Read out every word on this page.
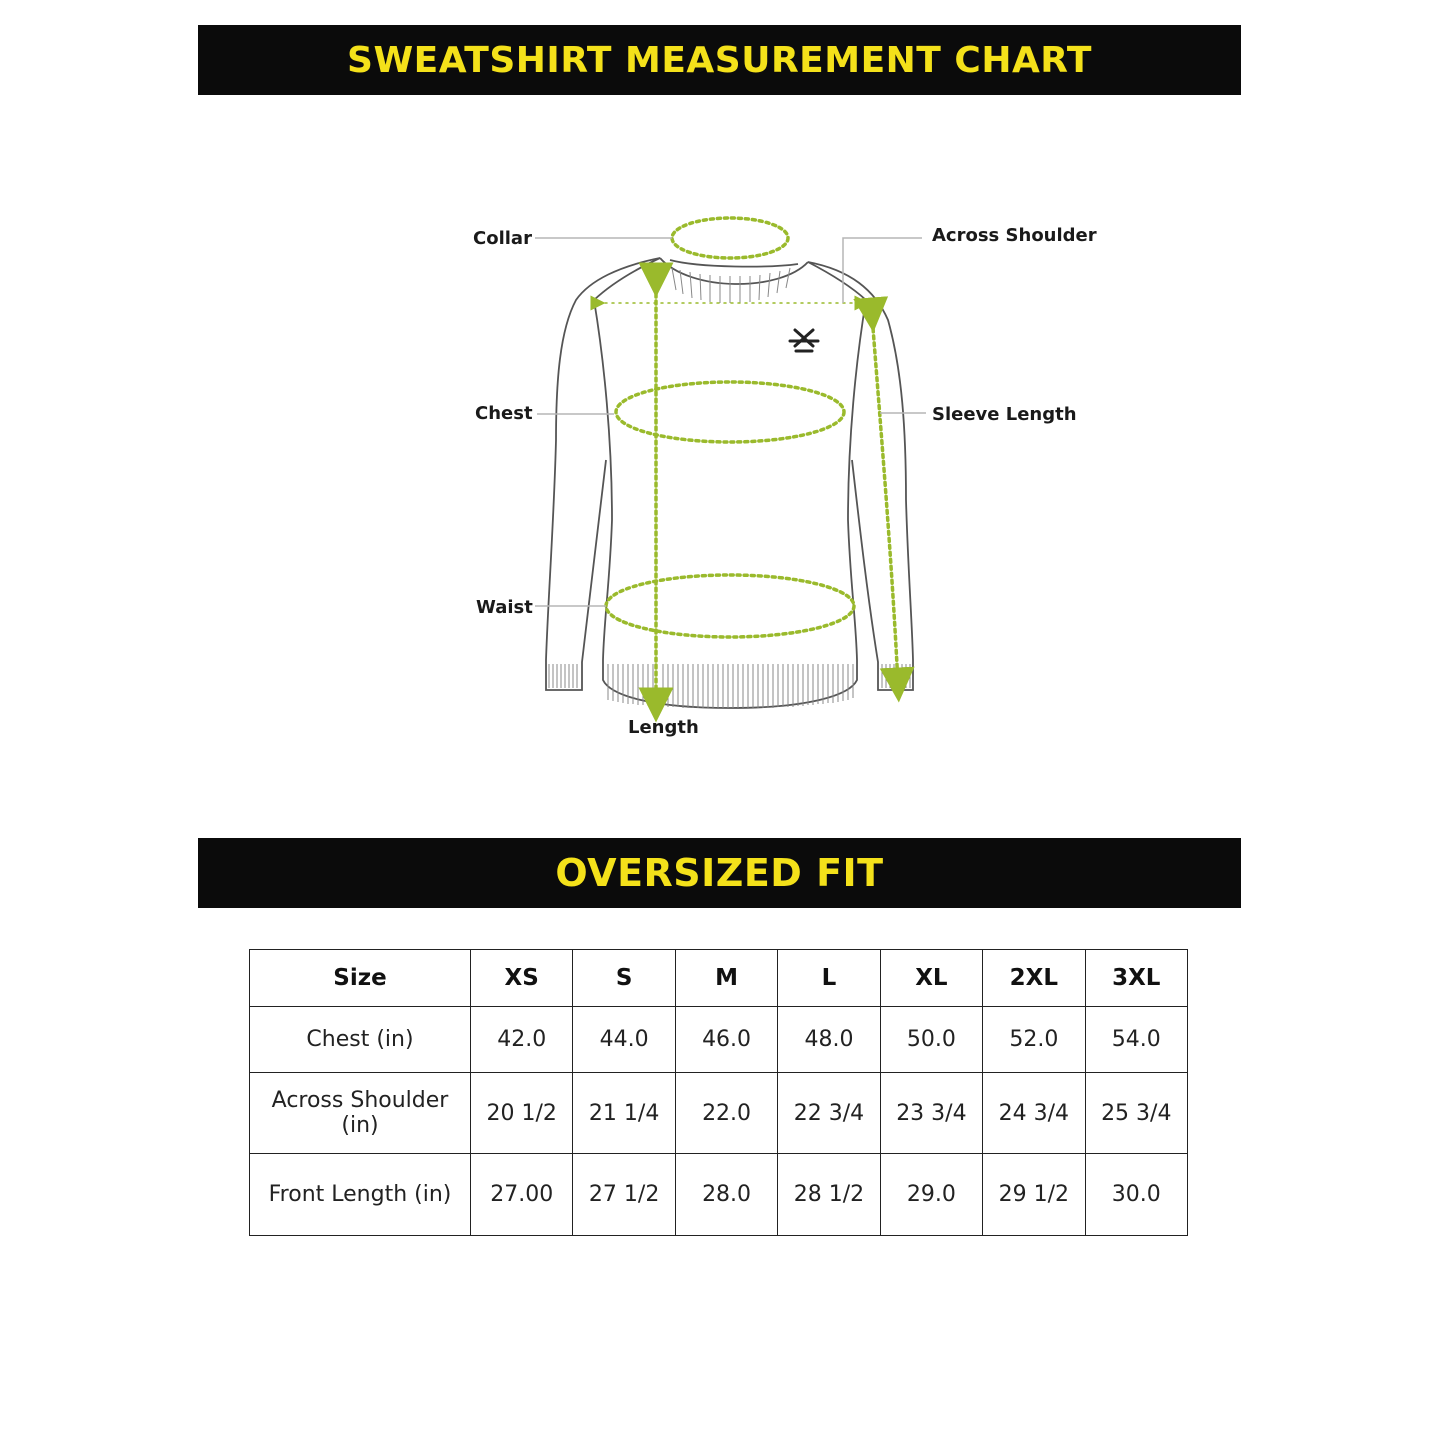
SWEATSHIRT MEASUREMENT CHART
Collar	Across Shoulder
Chest	Sleeve Length
Waist
Length
OVERSIZED FIT
Size	XS	S	M	L	XL	2XL	3XL
Chest (in)	42.0	44.0	46.0	48.0	50.0	52.0	54.0
Across Shoulder (in)	20 1/2	21 1/4	22.0	22 3/4	23 3/4	24 3/4	25 3/4
Front Length (in)	27.00	27 1/2	28.0	28 1/2	29.0	29 1/2	30.0
